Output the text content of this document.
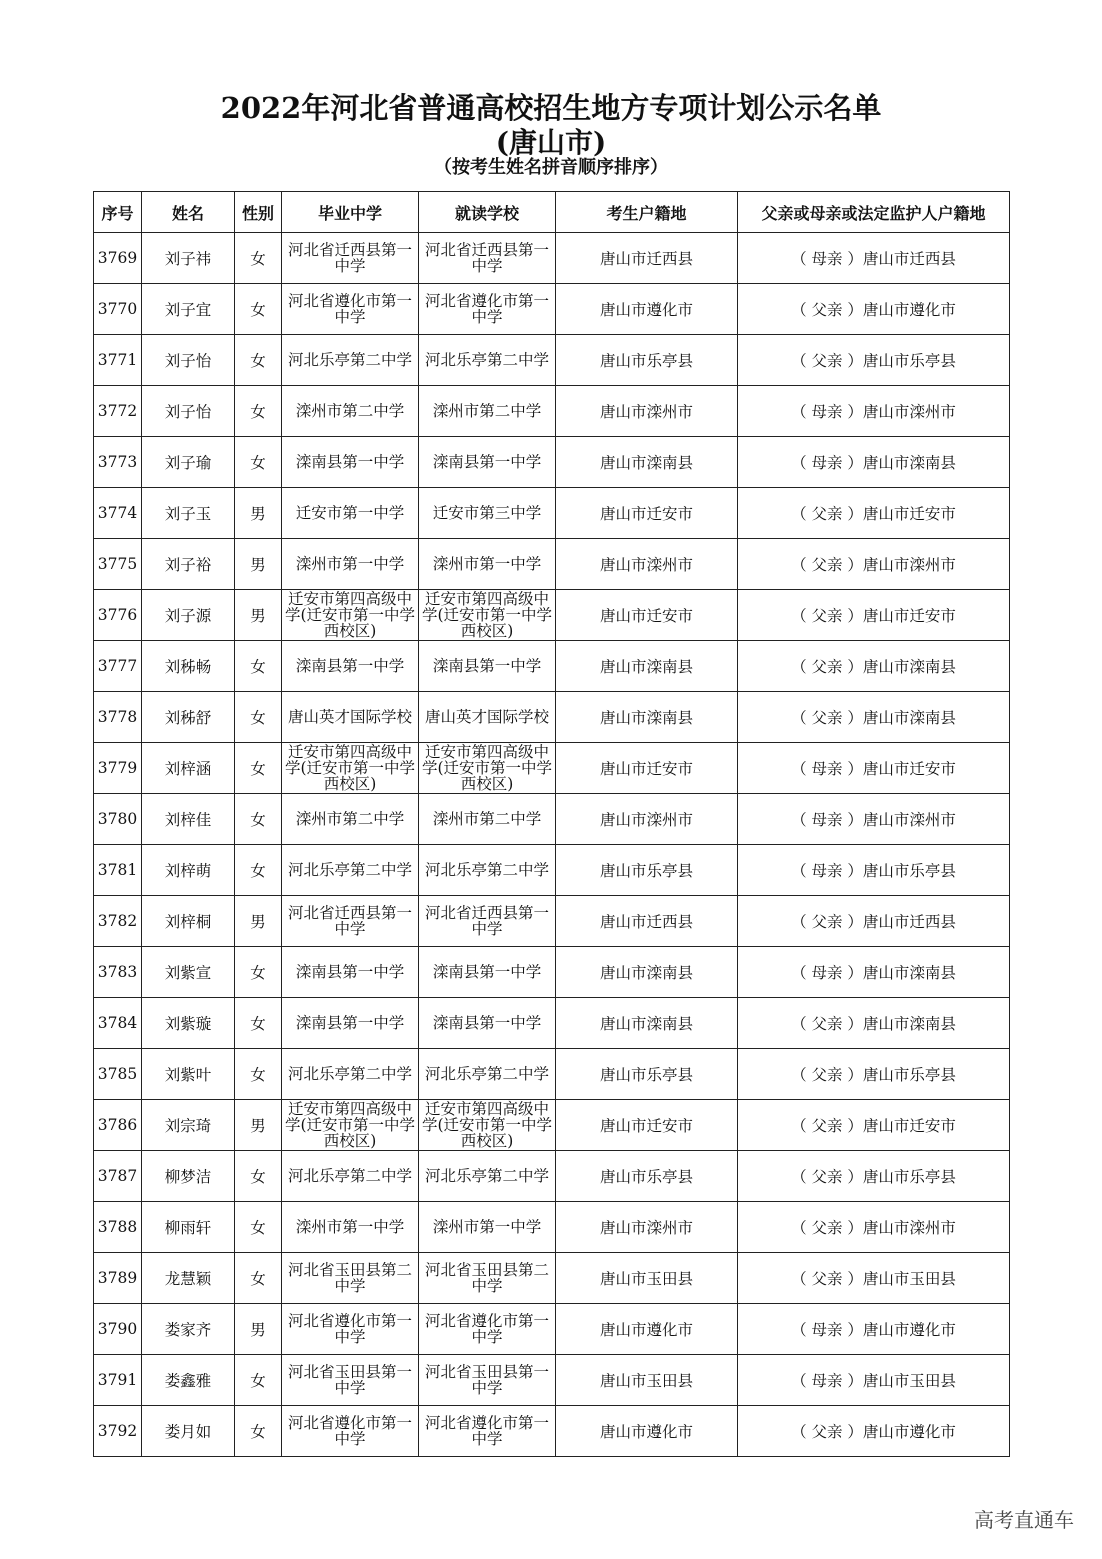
2022年河北省普通高校招生地方专项计划公示名单
(唐山市)
（按考生姓名拼音顺序排序）
序号	姓名	性别	毕业中学	就读学校	考生户籍地	父亲或母亲或法定监护人户籍地
3769	刘子祎	女	河北省迁西县第一中学	河北省迁西县第一中学	唐山市迁西县	（ 母亲 ）唐山市迁西县
3770	刘子宜	女	河北省遵化市第一中学	河北省遵化市第一中学	唐山市遵化市	（ 父亲 ）唐山市遵化市
3771	刘子怡	女	河北乐亭第二中学	河北乐亭第二中学	唐山市乐亭县	（ 父亲 ）唐山市乐亭县
3772	刘子怡	女	滦州市第二中学	滦州市第二中学	唐山市滦州市	（ 母亲 ）唐山市滦州市
3773	刘子瑜	女	滦南县第一中学	滦南县第一中学	唐山市滦南县	（ 母亲 ）唐山市滦南县
3774	刘子玉	男	迁安市第一中学	迁安市第三中学	唐山市迁安市	（ 父亲 ）唐山市迁安市
3775	刘子裕	男	滦州市第一中学	滦州市第一中学	唐山市滦州市	（ 父亲 ）唐山市滦州市
3776	刘子源	男	迁安市第四高级中学(迁安市第一中学西校区)	迁安市第四高级中学(迁安市第一中学西校区)	唐山市迁安市	（ 父亲 ）唐山市迁安市
3777	刘秭畅	女	滦南县第一中学	滦南县第一中学	唐山市滦南县	（ 父亲 ）唐山市滦南县
3778	刘秭舒	女	唐山英才国际学校	唐山英才国际学校	唐山市滦南县	（ 父亲 ）唐山市滦南县
3779	刘梓涵	女	迁安市第四高级中学(迁安市第一中学西校区)	迁安市第四高级中学(迁安市第一中学西校区)	唐山市迁安市	（ 母亲 ）唐山市迁安市
3780	刘梓佳	女	滦州市第二中学	滦州市第二中学	唐山市滦州市	（ 母亲 ）唐山市滦州市
3781	刘梓萌	女	河北乐亭第二中学	河北乐亭第二中学	唐山市乐亭县	（ 母亲 ）唐山市乐亭县
3782	刘梓桐	男	河北省迁西县第一中学	河北省迁西县第一中学	唐山市迁西县	（ 父亲 ）唐山市迁西县
3783	刘紫宣	女	滦南县第一中学	滦南县第一中学	唐山市滦南县	（ 母亲 ）唐山市滦南县
3784	刘紫璇	女	滦南县第一中学	滦南县第一中学	唐山市滦南县	（ 父亲 ）唐山市滦南县
3785	刘紫叶	女	河北乐亭第二中学	河北乐亭第二中学	唐山市乐亭县	（ 父亲 ）唐山市乐亭县
3786	刘宗琦	男	迁安市第四高级中学(迁安市第一中学西校区)	迁安市第四高级中学(迁安市第一中学西校区)	唐山市迁安市	（ 父亲 ）唐山市迁安市
3787	柳梦洁	女	河北乐亭第二中学	河北乐亭第二中学	唐山市乐亭县	（ 父亲 ）唐山市乐亭县
3788	柳雨轩	女	滦州市第一中学	滦州市第一中学	唐山市滦州市	（ 父亲 ）唐山市滦州市
3789	龙慧颖	女	河北省玉田县第二中学	河北省玉田县第二中学	唐山市玉田县	（ 父亲 ）唐山市玉田县
3790	娄家齐	男	河北省遵化市第一中学	河北省遵化市第一中学	唐山市遵化市	（ 母亲 ）唐山市遵化市
3791	娄鑫雅	女	河北省玉田县第一中学	河北省玉田县第一中学	唐山市玉田县	（ 母亲 ）唐山市玉田县
3792	娄月如	女	河北省遵化市第一中学	河北省遵化市第一中学	唐山市遵化市	（ 父亲 ）唐山市遵化市
高考直通车
